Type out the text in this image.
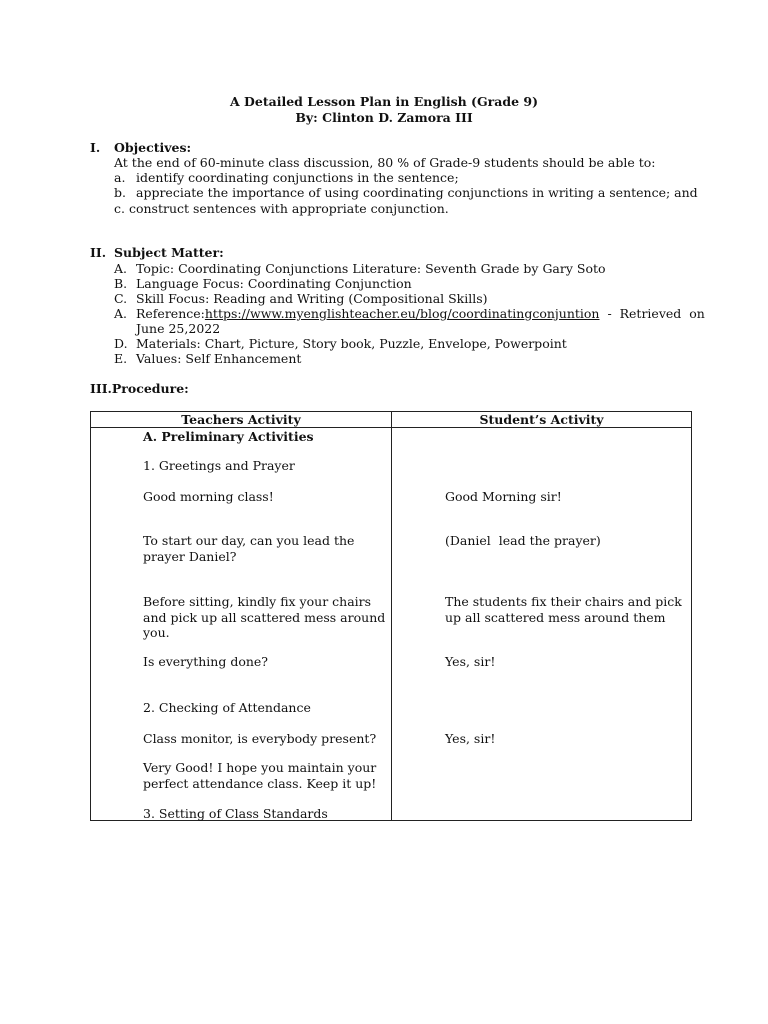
A Detailed Lesson Plan in English (Grade 9)
By: Clinton D. Zamora III
I. Objectives:
At the end of 60-minute class discussion, 80 % of Grade-9 students should be able to:
a. identify coordinating conjunctions in the sentence;
b. appreciate the importance of using coordinating conjunctions in writing a sentence; and
c. construct sentences with appropriate conjunction.
II. Subject Matter:
A. Topic: Coordinating Conjunctions Literature: Seventh Grade by Gary Soto
B. Language Focus: Coordinating Conjunction
C. Skill Focus: Reading and Writing (Compositional Skills)
A. Reference:https://www.myenglishteacher.eu/blog/coordinatingconjuntion  -  Retrieved  on
June 25,2022
D. Materials: Chart, Picture, Story book, Puzzle, Envelope, Powerpoint
E. Values: Self Enhancement
III.Procedure:
Teachers Activity	Student’s Activity
A. Preliminary Activities
1. Greetings and Prayer
Good morning class!
To start our day, can you lead the
prayer Daniel?
Before sitting, kindly fix your chairs
and pick up all scattered mess around
you.
Is everything done?
2. Checking of Attendance
Class monitor, is everybody present?
Very Good! I hope you maintain your
perfect attendance class. Keep it up!
3. Setting of Class Standards
Good Morning sir!
(Daniel  lead the prayer)
The students fix their chairs and pick
up all scattered mess around them
Yes, sir!
Yes, sir!
